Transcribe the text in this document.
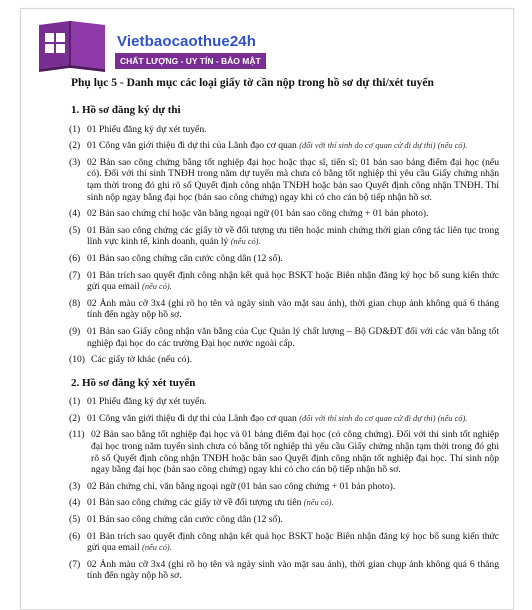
Vietbaocaothue24h
CHẤT LƯỢNG - UY TÍN - BẢO MẬT
Phụ lục 5 - Danh mục các loại giấy tờ cần nộp trong hồ sơ dự thi/xét tuyển
1. Hồ sơ đăng ký dự thi
(1) 01 Phiếu đăng ký dự xét tuyển.
(2) 01 Công văn giới thiệu đi dự thi của Lãnh đạo cơ quan (đối với thí sinh do cơ quan cử đi dự thi) (nếu có).
(3) 02 Bản sao công chứng bằng tốt nghiệp đại học hoặc thạc sĩ, tiến sĩ; 01 bản sao bảng điểm đại học (nếu có). Đối với thí sinh TNĐH trong năm dự tuyển mà chưa có bằng tốt nghiệp thì yêu cầu Giấy chứng nhận tạm thời trong đó ghi rõ số Quyết định công nhận TNĐH hoặc bản sao Quyết định công nhận TNĐH. Thí sinh nộp ngay bằng đại học (bản sao công chứng) ngay khi có cho cán bộ tiếp nhận hồ sơ.
(4) 02 Bản sao chứng chỉ hoặc văn bằng ngoại ngữ (01 bản sao công chứng + 01 bản photo).
(5) 01 Bản sao công chứng các giấy tờ về đối tượng ưu tiên hoặc minh chứng thời gian công tác liên tục trong lĩnh vực kinh tế, kinh doanh, quản lý (nếu có).
(6) 01 Bản sao công chứng căn cước công dân (12 số).
(7) 01 Bản trích sao quyết định công nhận kết quả học BSKT hoặc Biên nhận đăng ký học bổ sung kiến thức gửi qua email (nếu có).
(8) 02 Ảnh màu cỡ 3x4 (ghi rõ họ tên và ngày sinh vào mặt sau ảnh), thời gian chụp ảnh không quá 6 tháng tính đến ngày nộp hồ sơ.
(9) 01 Bản sao Giấy công nhận văn bằng của Cục Quản lý chất lượng – Bộ GD&ĐT đối với các văn bằng tốt nghiệp đại học do các trường Đại học nước ngoài cấp.
(10) Các giấy tờ khác (nếu có).
2. Hồ sơ đăng ký xét tuyển
(1) 01 Phiếu đăng ký dự xét tuyển.
(2) 01 Công văn giới thiệu đi dự thi của Lãnh đạo cơ quan (đối với thí sinh do cơ quan cử đi dự thi) (nếu có).
(11) 02 Bản sao bằng tốt nghiệp đại học và 01 bảng điểm đại học (có công chứng). Đối với thí sinh tốt nghiệp đại học trong năm tuyển sinh chưa có bằng tốt nghiệp thì yêu cầu Giấy chứng nhận tạm thời trong đó ghi rõ số Quyết định công nhận TNĐH hoặc bản sao Quyết định công nhận tốt nghiệp đại học. Thí sinh nộp ngay bằng đại học (bản sao công chứng) ngay khi có cho cán bộ tiếp nhận hồ sơ.
(3) 02 Bản chứng chỉ, văn bằng ngoại ngữ (01 bản sao công chứng + 01 bản photo).
(4) 01 Bản sao công chứng các giấy tờ về đối tượng ưu tiên (nếu có).
(5) 01 Bản sao công chứng căn cước công dân (12 số).
(6) 01 Bản trích sao quyết định công nhận kết quả học BSKT hoặc Biên nhận đăng ký học bổ sung kiến thức gửi qua email (nếu có).
(7) 02 Ảnh màu cỡ 3x4 (ghi rõ họ tên và ngày sinh vào mặt sau ảnh), thời gian chụp ảnh không quá 6 tháng tính đến ngày nộp hồ sơ.
